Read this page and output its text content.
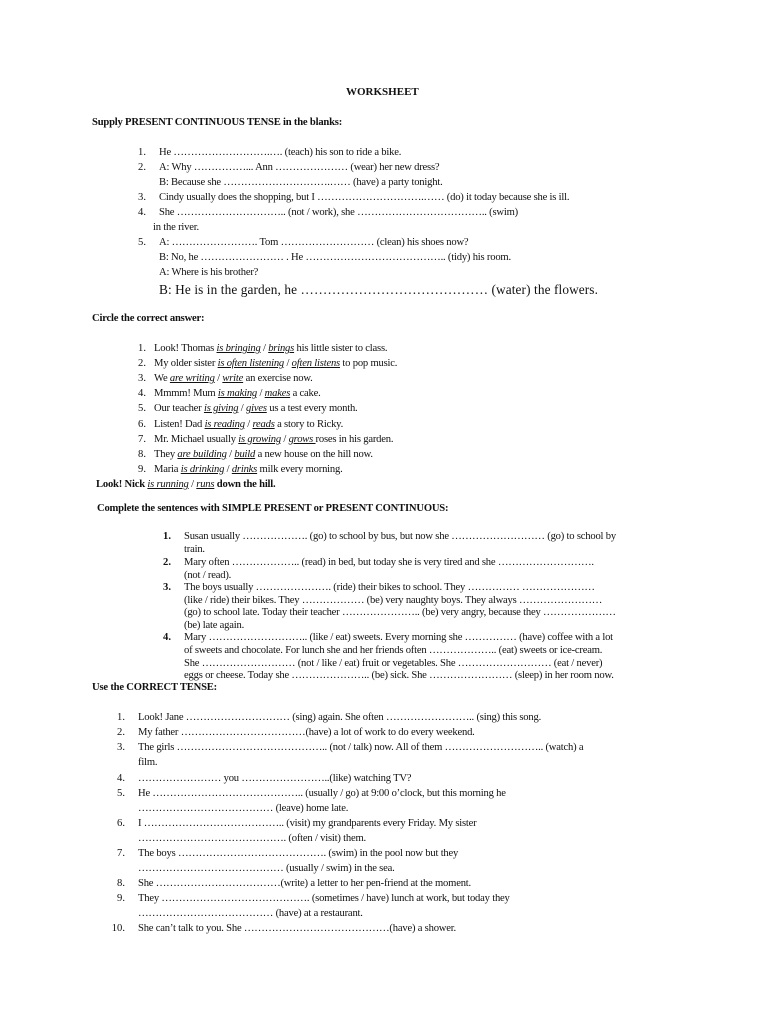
WORKSHEET
Supply PRESENT CONTINUOUS TENSE in the blanks:
1. He ……………………….…. (teach) his son to ride a bike.
2. A: Why ……………... Ann ………………… (wear) her new dress?
B: Because she ………………………….…… (have) a party tonight.
3. Cindy usually does the shopping, but I ………………………….…… (do) it today because she is ill.
4. She ………………………….. (not / work), she ……………………………….. (swim)
in the river.
5. A: ……………………. Tom ……………………… (clean) his shoes now?
B: No, he …………………… . He ………………………………….. (tidy) his room.
A: Where is his brother?
B: He is in the garden, he …………………………………… (water) the flowers.
Circle the correct answer:
1. Look! Thomas is bringing / brings his little sister to class.
2. My older sister is often listening / often listens to pop music.
3. We are writing / write an exercise now.
4. Mmmm! Mum is making / makes a cake.
5. Our teacher is giving / gives us a test every month.
6. Listen! Dad is reading / reads a story to Ricky.
7. Mr. Michael usually is growing / grows roses in his garden.
8. They are building / build a new house on the hill now.
9. Maria is drinking / drinks milk every morning.
Look! Nick is running / runs down the hill.
Complete the sentences with SIMPLE PRESENT or PRESENT CONTINUOUS:
1. Susan usually ………………. (go) to school by bus, but now she ……………………… (go) to school by
train.
2. Mary often ……………….. (read) in bed, but today she is very tired and she ……………………….
(not / read).
3. The boys usually …………………. (ride) their bikes to school. They …………… …………………
(like / ride) their bikes. They ……………… (be) very naughty boys. They always ……………………
(go) to school late. Today their teacher ………………….. (be) very angry, because they …………………
(be) late again.
4. Mary ……………………….. (like / eat) sweets. Every morning she …………… (have) coffee with a lot
of sweets and chocolate. For lunch she and her friends often ……………….. (eat) sweets or ice-cream.
She ……………………… (not / like / eat) fruit or vegetables. She ……………………… (eat / never)
eggs or cheese. Today she ………………….. (be) sick. She …………………… (sleep) in her room now.
Use the CORRECT TENSE:
1. Look! Jane ………………………… (sing) again. She often …………………….. (sing) this song.
2. My father ………………………………(have) a lot of work to do every weekend.
3. The girls …………………………………….. (not / talk) now. All of them ……………………….. (watch) a
film.
4. …………………… you ……………………..(like) watching TV?
5. He …………………………………….. (usually / go) at 9:00 o’clock, but this morning he
………………………………… (leave) home late.
6. I ………………………………….. (visit) my grandparents every Friday. My sister
……………………………………. (often / visit) them.
7. The boys ……………………………………. (swim) in the pool now but they
…………………………………… (usually / swim) in the sea.
8. She ………………………………(write) a letter to her pen-friend at the moment.
9. They ……………………………………. (sometimes / have) lunch at work, but today they
………………………………… (have) at a restaurant.
10. She can’t talk to you. She ……………………………………(have) a shower.
